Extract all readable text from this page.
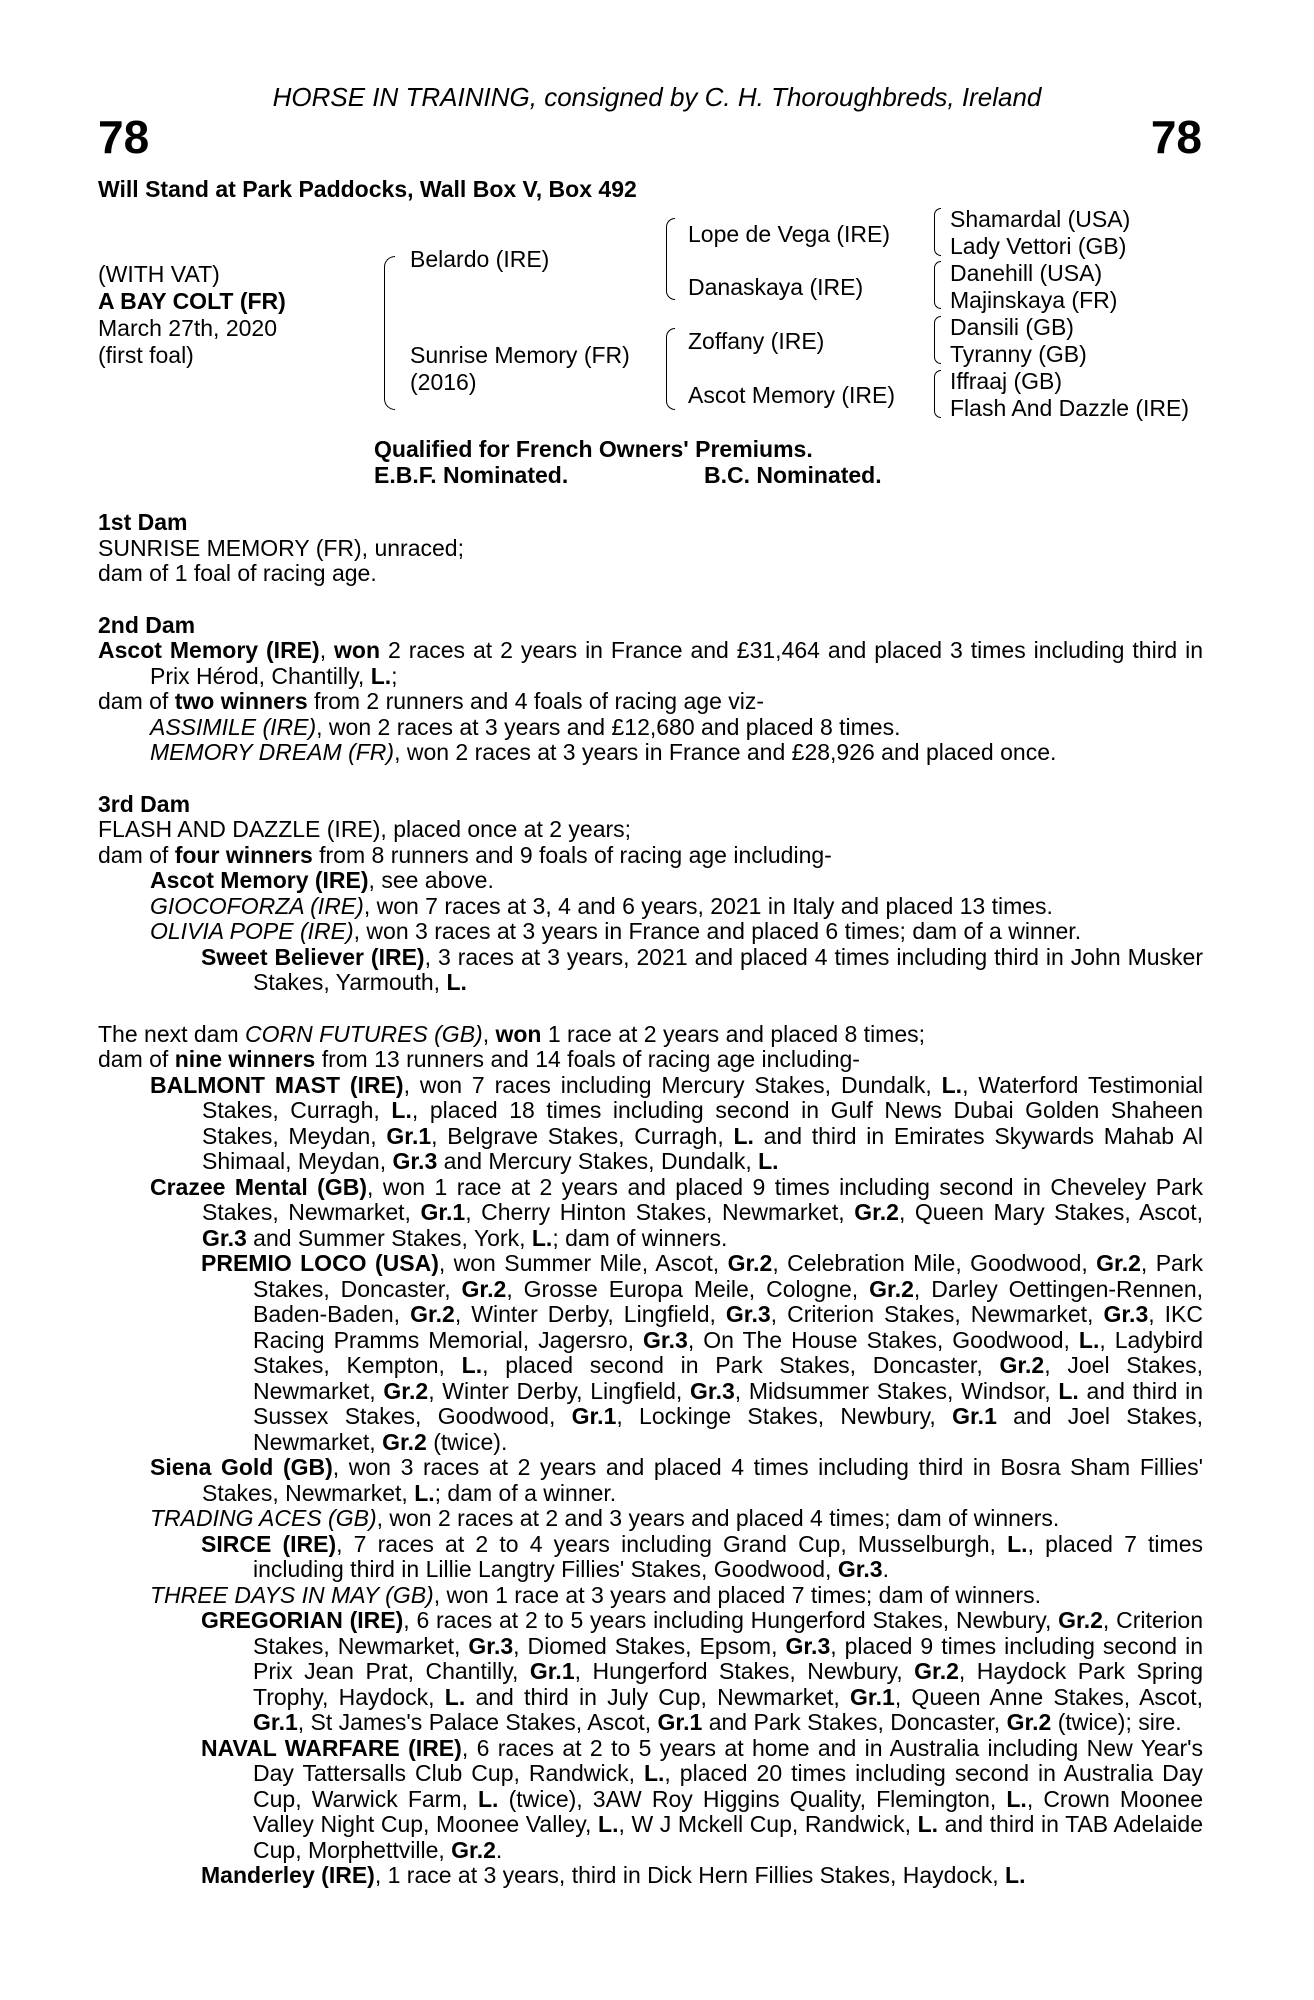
HORSE IN TRAINING, consigned by C. H. Thoroughbreds, Ireland
78	78
Will Stand at Park Paddocks, Wall Box V, Box 492
(WITH VAT)
A BAY COLT (FR)
March 27th, 2020
(first foal)
Belardo (IRE)
Sunrise Memory (FR)
(2016)
Lope de Vega (IRE)
Danaskaya (IRE)
Zoffany (IRE)
Ascot Memory (IRE)
Shamardal (USA)
Lady Vettori (GB)
Danehill (USA)
Majinskaya (FR)
Dansili (GB)
Tyranny (GB)
Iffraaj (GB)
Flash And Dazzle (IRE)
Qualified for French Owners' Premiums.
E.B.F. Nominated.	B.C. Nominated.
1st Dam
SUNRISE MEMORY (FR), unraced;
dam of 1 foal of racing age.
2nd Dam
Ascot Memory (IRE), won 2 races at 2 years in France and £31,464 and placed 3 times including third in Prix Hérod, Chantilly, L.;
dam of two winners from 2 runners and 4 foals of racing age viz-
ASSIMILE (IRE), won 2 races at 3 years and £12,680 and placed 8 times.
MEMORY DREAM (FR), won 2 races at 3 years in France and £28,926 and placed once.
3rd Dam
FLASH AND DAZZLE (IRE), placed once at 2 years;
dam of four winners from 8 runners and 9 foals of racing age including-
Ascot Memory (IRE), see above.
GIOCOFORZA (IRE), won 7 races at 3, 4 and 6 years, 2021 in Italy and placed 13 times.
OLIVIA POPE (IRE), won 3 races at 3 years in France and placed 6 times; dam of a winner.
Sweet Believer (IRE), 3 races at 3 years, 2021 and placed 4 times including third in John Musker Stakes, Yarmouth, L.
The next dam CORN FUTURES (GB), won 1 race at 2 years and placed 8 times;
dam of nine winners from 13 runners and 14 foals of racing age including-
BALMONT MAST (IRE), won 7 races including Mercury Stakes, Dundalk, L., Waterford Testimonial Stakes, Curragh, L., placed 18 times including second in Gulf News Dubai Golden Shaheen Stakes, Meydan, Gr.1, Belgrave Stakes, Curragh, L. and third in Emirates Skywards Mahab Al Shimaal, Meydan, Gr.3 and Mercury Stakes, Dundalk, L.
Crazee Mental (GB), won 1 race at 2 years and placed 9 times including second in Cheveley Park Stakes, Newmarket, Gr.1, Cherry Hinton Stakes, Newmarket, Gr.2, Queen Mary Stakes, Ascot, Gr.3 and Summer Stakes, York, L.; dam of winners.
PREMIO LOCO (USA), won Summer Mile, Ascot, Gr.2, Celebration Mile, Goodwood, Gr.2, Park Stakes, Doncaster, Gr.2, Grosse Europa Meile, Cologne, Gr.2, Darley Oettingen-Rennen, Baden-Baden, Gr.2, Winter Derby, Lingfield, Gr.3, Criterion Stakes, Newmarket, Gr.3, IKC Racing Pramms Memorial, Jagersro, Gr.3, On The House Stakes, Goodwood, L., Ladybird Stakes, Kempton, L., placed second in Park Stakes, Doncaster, Gr.2, Joel Stakes, Newmarket, Gr.2, Winter Derby, Lingfield, Gr.3, Midsummer Stakes, Windsor, L. and third in Sussex Stakes, Goodwood, Gr.1, Lockinge Stakes, Newbury, Gr.1 and Joel Stakes, Newmarket, Gr.2 (twice).
Siena Gold (GB), won 3 races at 2 years and placed 4 times including third in Bosra Sham Fillies' Stakes, Newmarket, L.; dam of a winner.
TRADING ACES (GB), won 2 races at 2 and 3 years and placed 4 times; dam of winners.
SIRCE (IRE), 7 races at 2 to 4 years including Grand Cup, Musselburgh, L., placed 7 times including third in Lillie Langtry Fillies' Stakes, Goodwood, Gr.3.
THREE DAYS IN MAY (GB), won 1 race at 3 years and placed 7 times; dam of winners.
GREGORIAN (IRE), 6 races at 2 to 5 years including Hungerford Stakes, Newbury, Gr.2, Criterion Stakes, Newmarket, Gr.3, Diomed Stakes, Epsom, Gr.3, placed 9 times including second in Prix Jean Prat, Chantilly, Gr.1, Hungerford Stakes, Newbury, Gr.2, Haydock Park Spring Trophy, Haydock, L. and third in July Cup, Newmarket, Gr.1, Queen Anne Stakes, Ascot, Gr.1, St James's Palace Stakes, Ascot, Gr.1 and Park Stakes, Doncaster, Gr.2 (twice); sire.
NAVAL WARFARE (IRE), 6 races at 2 to 5 years at home and in Australia including New Year's Day Tattersalls Club Cup, Randwick, L., placed 20 times including second in Australia Day Cup, Warwick Farm, L. (twice), 3AW Roy Higgins Quality, Flemington, L., Crown Moonee Valley Night Cup, Moonee Valley, L., W J Mckell Cup, Randwick, L. and third in TAB Adelaide Cup, Morphettville, Gr.2.
Manderley (IRE), 1 race at 3 years, third in Dick Hern Fillies Stakes, Haydock, L.
